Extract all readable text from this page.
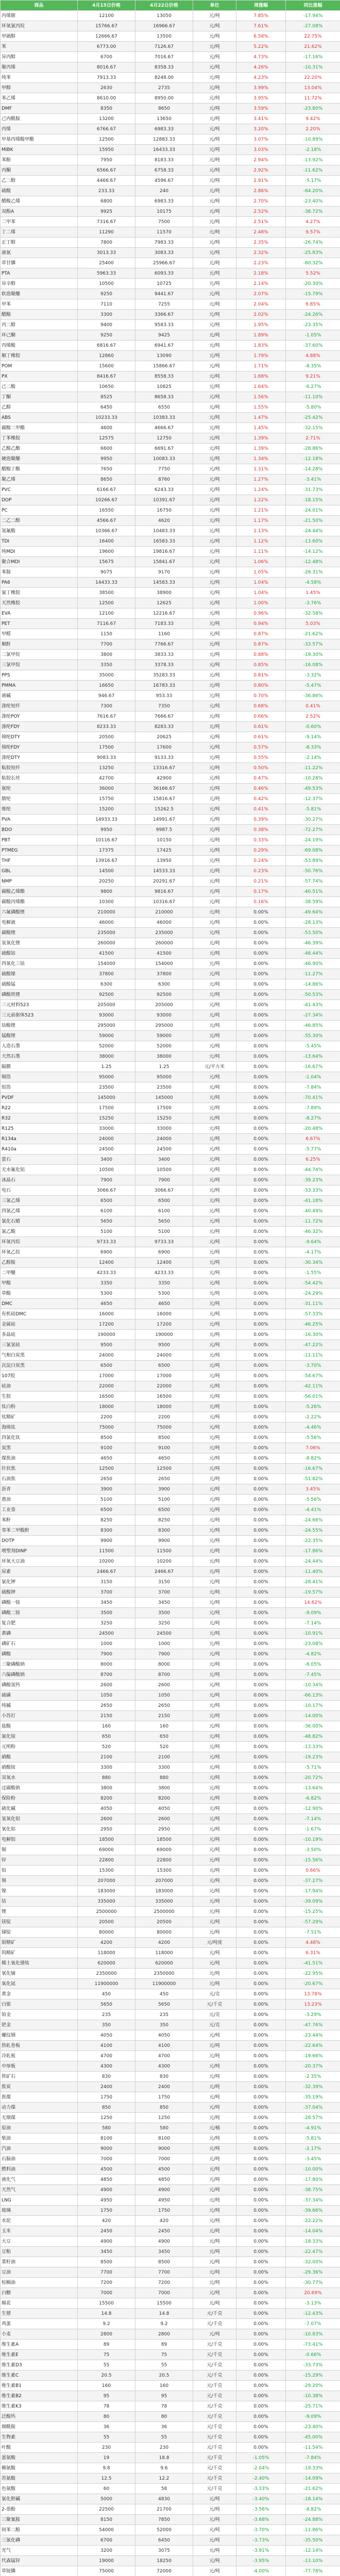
商品	4月15日价格	4月22日价格	单位	周涨幅	同比涨幅
丙烯腈	12100	13050	元/吨	7.85%	-17.94%
环氧氯丙烷	15766.67	16966.67	元/吨	7.61%	-27.08%
甲硫醇	12666.67	13500	元/吨	6.58%	22.75%
苯	6773.00	7126.67	元/吨	5.22%	21.62%
异丙醇	6700	7016.67	元/吨	4.73%	-17.16%
聚丙烯	8016.67	8358.33	元/吨	4.26%	-10.31%
纯苯	7913.33	8248.00	元/吨	4.23%	22.20%
甲醇	2630	2735	元/吨	3.99%	13.04%
苯乙烯	8610.00	8950.00	元/吨	3.95%	11.72%
DMF	8350	8650	元/吨	3.59%	-23.80%
己内酰胺	13200	13650	元/吨	3.41%	9.42%
丙烯	6766.67	6983.33	元/吨	3.20%	2.20%
甲基丙烯酸甲酯	12500	12883.33	元/吨	3.07%	-10.89%
MIBK	15950	16433.33	元/吨	3.03%	-2.18%
苯酚	7950	8183.33	元/吨	2.94%	-13.92%
丙酮	6566.67	6758.33	元/吨	2.92%	-11.62%
乙二醇	4466.67	4596.67	元/吨	2.91%	-5.17%
硫酸	233.33	240	元/吨	2.86%	-64.20%
醋酸乙烯	6800	6983.33	元/吨	2.70%	-23.40%
双酚A	9925	10175	元/吨	2.52%	-38.72%
二甲苯	7316.67	7500	元/吨	2.51%	4.27%
丁二烯	11290	11570	元/吨	2.48%	9.57%
正丁醇	7800	7983.33	元/吨	2.35%	-26.74%
液氨	3013.33	3083.33	元/吨	2.32%	-25.83%
草甘膦	25400	25966.67	元/吨	2.23%	-60.32%
PTA	5963.33	6093.33	元/吨	2.18%	5.52%
异辛醇	10500	10725	元/吨	2.14%	-20.30%
软泡聚醚	9250	9441.67	元/吨	2.07%	-15.79%
甲苯	7110	7255	元/吨	2.04%	6.85%
醋酸	3300	3366.67	元/吨	2.02%	-24.26%
丙二醇	9400	9583.33	元/吨	1.95%	-23.35%
环己酮	9250	9425	元/吨	1.89%	-1.05%
丙烯酸	6816.67	6941.67	元/吨	1.83%	-37.60%
顺丁橡胶	12860	13090	元/吨	1.79%	4.88%
POM	15600	15866.67	元/吨	1.71%	-8.35%
PX	8416.67	8558.33	元/吨	1.68%	9.21%
己二酸	10650	10825	元/吨	1.64%	-6.27%
丁酮	8525	8658.33	元/吨	1.56%	-11.10%
乙醇	6450	6550	元/吨	1.55%	-5.80%
ABS	10233.33	10383.33	元/吨	1.47%	-25.42%
碳酸二甲酯	4600	4666.67	元/吨	1.45%	-32.15%
丁苯橡胶	12575	12750	元/吨	1.39%	2.71%
乙酸乙酯	6600	6691.67	元/吨	1.39%	-28.86%
硬泡聚醚	9950	10083.33	元/吨	1.34%	-12.18%
醋酸丁酯	7650	7750	元/吨	1.31%	-14.28%
聚乙烯	8650	8760	元/吨	1.27%	-3.41%
PVC	6166.67	6243.33	元/吨	1.24%	-31.73%
DOP	10266.67	10391.67	元/吨	1.22%	-18.15%
PC	16550	16750	元/吨	1.21%	-24.01%
二乙二醇	4566.67	4620	元/吨	1.17%	-21.50%
氢氟酸	10366.67	10483.33	元/吨	1.13%	-24.44%
TDI	16400	16583.33	元/吨	1.12%	-13.60%
纯MDI	19600	19816.67	元/吨	1.11%	-14.12%
聚合MDI	15675	15841.67	元/吨	1.06%	-12.48%
苯胺	9075	9170	元/吨	1.05%	-28.31%
PA6	14433.33	14583.33	元/吨	1.04%	-4.58%
氯丁橡胶	38500	38900	元/吨	1.04%	1.45%
天然橡胶	12500	12625	元/吨	1.00%	-3.76%
EVA	12100	12216.67	元/吨	0.96%	-32.58%
PET	7116.67	7183.33	元/吨	0.94%	5.03%
甲醛	1150	1160	元/吨	0.87%	-21.62%
顺酐	7700	7766.67	元/吨	0.87%	-33.57%
二氯甲烷	3800	3833.33	元/吨	0.88%	-19.30%
三氯甲烷	3350	3378.33	元/吨	0.85%	-16.08%
PPS	35000	35283.33	元/吨	0.81%	-3.32%
PMMA	16650	16783.33	元/吨	0.80%	-5.47%
液碱	946.67	953.33	元/吨	0.70%	-36.86%
涤纶短纤	7300	7350	元/吨	0.68%	0.41%
涤纶POY	7616.67	7666.67	元/吨	0.66%	2.52%
涤纶FDY	8233.33	8283.33	元/吨	0.61%	-0.60%
锦纶DTY	20500	20625	元/吨	0.61%	-9.14%
锦纶FDY	17500	17600	元/吨	0.57%	-8.33%
涤纶DTY	9083.33	9133.33	元/吨	0.55%	-2.14%
粘胶短纤	13250	13316.67	元/吨	0.50%	-11.22%
粘胶长丝	42700	42900	元/吨	0.47%	-10.28%
氨纶	36000	36166.67	元/吨	0.46%	-49.53%
腈纶	15750	15816.67	元/吨	0.42%	-12.37%
维纶	15200	15262.5	元/吨	0.41%	-5.81%
PVA	14933.33	14991.67	元/吨	0.39%	-30.27%
BDO	9950	9987.5	元/吨	0.38%	-72.27%
PBT	10116.67	10150	元/吨	0.33%	-24.19%
PTMEG	17375	17425	元/吨	0.29%	-69.08%
THF	13916.67	13950	元/吨	0.24%	-53.89%
GBL	14500	14533.33	元/吨	0.23%	-50.76%
NMP	20250	20291.67	元/吨	0.21%	-57.74%
碳酸乙烯酯	9800	9816.67	元/吨	0.17%	-40.51%
碳酸丙烯酯	10300	10316.67	元/吨	0.16%	-38.59%
六氟磷酸锂	210000	210000	元/吨	0.00%	-49.64%
电解液	46000	46000	元/吨	0.00%	-28.13%
碳酸锂	235000	235000	元/吨	0.00%	-53.50%
氢氧化锂	260000	260000	元/吨	0.00%	-46.39%
硫酸钴	41500	41500	元/吨	0.00%	-48.44%
四氧化三钴	154000	154000	元/吨	0.00%	-46.90%
硫酸镍	37800	37800	元/吨	0.00%	-11.27%
硫酸锰	6300	6300	元/吨	0.00%	-14.86%
磷酸铁锂	92500	92500	元/吨	0.00%	-50.53%
三元材料523	205000	205000	元/吨	0.00%	-41.43%
三元前驱体523	93000	93000	元/吨	0.00%	-27.34%
钴酸锂	295000	295000	元/吨	0.00%	-46.85%
锰酸锂	59000	59000	元/吨	0.00%	-55.30%
人造石墨	52000	52000	元/吨	0.00%	-5.45%
天然石墨	38000	38000	元/吨	0.00%	-13.64%
隔膜	1.25	1.25	元/平方米	0.00%	-16.67%
铜箔	95000	95000	元/吨	0.00%	-1.04%
铝箔	23500	23500	元/吨	0.00%	-7.84%
PVDF	145000	145000	元/吨	0.00%	-70.41%
R22	17500	17500	元/吨	0.00%	-7.89%
R32	15250	15250	元/吨	0.00%	-8.27%
R125	33000	33000	元/吨	0.00%	-20.48%
R134a	24000	24000	元/吨	0.00%	6.67%
R410a	24500	24500	元/吨	0.00%	-5.77%
萤石	3400	3400	元/吨	0.00%	6.25%
无水氟化铝	10500	10500	元/吨	0.00%	-44.74%
冰晶石	7900	7900	元/吨	0.00%	-39.23%
电石	3066.67	3066.67	元/吨	0.00%	-33.33%
三氯乙烯	6500	6500	元/吨	0.00%	-41.18%
四氯乙烯	6100	6100	元/吨	0.00%	-40.49%
氯化石蜡	5650	5650	元/吨	0.00%	-11.72%
氯乙酸	5100	5100	元/吨	0.00%	-46.32%
环氧丙烷	9733.33	9733.33	元/吨	0.00%	-9.64%
环氧乙烷	6900	6900	元/吨	0.00%	-4.17%
乙醇胺	12400	12400	元/吨	0.00%	-30.34%
二甲醚	4233.33	4233.33	元/吨	0.00%	-1.55%
甲酸	3350	3350	元/吨	0.00%	-54.42%
草酸	5300	5300	元/吨	0.00%	-24.29%
DMC	4650	4650	元/吨	0.00%	-31.11%
有机硅DMC	16000	16000	元/吨	0.00%	-57.33%
金属硅	17200	17200	元/吨	0.00%	-46.25%
多晶硅	190000	190000	元/吨	0.00%	-16.30%
三氯氢硅	9500	9500	元/吨	0.00%	-47.22%
气相白炭黑	24000	24000	元/吨	0.00%	-11.11%
沉淀白炭黑	6500	6500	元/吨	0.00%	-3.70%
107胶	17000	17000	元/吨	0.00%	-54.67%
硅油	22000	22000	元/吨	0.00%	-42.11%
生胶	16500	16500	元/吨	0.00%	-56.01%
钛白粉	18000	18000	元/吨	0.00%	-5.26%
钛精矿	2200	2200	元/吨	0.00%	-2.22%
海绵钛	75000	75000	元/吨	0.00%	-4.46%
四氯化钛	8500	8500	元/吨	0.00%	-5.56%
炭黑	9100	9100	元/吨	0.00%	7.06%
煤焦油	4650	4650	元/吨	0.00%	-8.82%
针状焦	12500	12500	元/吨	0.00%	-16.67%
石油焦	2650	2650	元/吨	0.00%	-51.82%
沥青	3900	3900	元/吨	0.00%	3.45%
蒽油	5100	5100	元/吨	0.00%	-5.56%
工业萘	6500	6500	元/吨	0.00%	-4.41%
苯酐	8250	8250	元/吨	0.00%	-24.66%
邻苯二甲酸酐	8300	8300	元/吨	0.00%	-24.55%
DOTP	9900	9900	元/吨	0.00%	-22.35%
增塑剂DINP	11500	11500	元/吨	0.00%	-17.86%
环氧大豆油	10200	10200	元/吨	0.00%	-24.44%
尿素	2466.67	2466.67	元/吨	0.00%	-11.40%
氯化钾	3150	3150	元/吨	0.00%	-28.41%
硫酸钾	3700	3700	元/吨	0.00%	-19.57%
磷酸一铵	3450	3450	元/吨	0.00%	14.62%
磷酸二铵	3500	3500	元/吨	0.00%	-9.09%
复合肥	3250	3250	元/吨	0.00%	-7.14%
黄磷	24500	24500	元/吨	0.00%	-10.91%
磷矿石	1000	1000	元/吨	0.00%	-23.08%
磷酸	7900	7900	元/吨	0.00%	-4.82%
三聚磷酸钠	8000	8000	元/吨	0.00%	-8.05%
六偏磷酸钠	8700	8700	元/吨	0.00%	-7.45%
磷酸氢钙	2600	2600	元/吨	0.00%	-10.34%
硫磺	1050	1050	元/吨	0.00%	-66.13%
纯碱	2650	2650	元/吨	0.00%	-10.17%
小苏打	2150	2150	元/吨	0.00%	-14.00%
盐酸	160	160	元/吨	0.00%	-36.00%
氯化铵	650	650	元/吨	0.00%	-48.82%
元明粉	520	520	元/吨	0.00%	-13.33%
硝酸	2100	2100	元/吨	0.00%	-19.23%
硝酸铵	3300	3300	元/吨	0.00%	-5.71%
双氧水	880	880	元/吨	0.00%	-20.72%
过碳酸钠	3800	3800	元/吨	0.00%	-13.64%
保险粉	8200	8200	元/吨	0.00%	-6.82%
硫化碱	4050	4050	元/吨	0.00%	-12.90%
氢氧化铝	2600	2600	元/吨	0.00%	-7.14%
氧化铝	2950	2950	元/吨	0.00%	-1.67%
电解铝	18500	18500	元/吨	0.00%	-10.19%
铜	69000	69000	元/吨	0.00%	-3.50%
锌	22800	22800	元/吨	0.00%	-15.56%
铅	15300	15300	元/吨	0.00%	0.66%
锡	207000	207000	元/吨	0.00%	-37.27%
镍	183000	183000	元/吨	0.00%	-17.94%
钴	335000	335000	元/吨	0.00%	-39.09%
锂	2500000	2500000	元/吨	0.00%	-15.25%
镁锭	20500	20500	元/吨	0.00%	-57.29%
锑锭	80000	80000	元/吨	0.00%	-7.51%
钼精矿	4200	4200	元/吨度	0.00%	4.48%
钨精矿	118000	118000	元/吨	0.00%	6.31%
稀土氧化镨钕	620000	620000	元/吨	0.00%	-41.51%
氧化镝	2350000	2350000	元/吨	0.00%	-22.95%
氧化铽	11900000	11900000	元/吨	0.00%	-20.67%
黄金	450	450	元/克	0.00%	13.78%
白银	5650	5650	元/千克	0.00%	13.23%
铂金	235	235	元/克	0.00%	-3.29%
钯金	350	350	元/克	0.00%	-47.76%
螺纹钢	4050	4050	元/吨	0.00%	-23.44%
热轧卷板	4100	4100	元/吨	0.00%	-22.64%
冷轧板	4700	4700	元/吨	0.00%	-19.66%
中厚板	4300	4300	元/吨	0.00%	-20.37%
铁矿石	830	830	元/吨	0.00%	-2.35%
焦炭	2400	2400	元/吨	0.00%	-32.39%
焦煤	1750	1750	元/吨	0.00%	-35.19%
动力煤	850	850	元/吨	0.00%	-37.04%
无烟煤	1250	1250	元/吨	0.00%	-28.57%
原油	580	580	元/桶	0.00%	-4.91%
柴油	8100	8100	元/吨	0.00%	-5.81%
汽油	9000	9000	元/吨	0.00%	-2.17%
石脑油	7000	7000	元/吨	0.00%	-3.45%
燃料油	4500	4500	元/吨	0.00%	-10.00%
液化气	4850	4850	元/吨	0.00%	-17.80%
天然气	4900	4900	元/吨	0.00%	-38.75%
LNG	4950	4950	元/吨	0.00%	-37.34%
玻璃	1750	1750	元/吨	0.00%	-39.66%
水泥	420	420	元/吨	0.00%	-22.22%
玉米	2450	2450	元/吨	0.00%	-14.04%
大豆	4900	4900	元/吨	0.00%	-18.33%
豆粕	3450	3450	元/吨	0.00%	-22.47%
菜籽油	8500	8500	元/吨	0.00%	-32.00%
豆油	7700	7700	元/吨	0.00%	-29.36%
棕榈油	7200	7200	元/吨	0.00%	-30.77%
白糖	7000	7000	元/吨	0.00%	20.69%
棉花	15500	15500	元/吨	0.00%	-3.13%
生猪	14.8	14.8	元/千克	0.00%	-12.43%
鸡蛋	9.2	9.2	元/千克	0.00%	-7.07%
小麦	2800	2800	元/吨	0.00%	-10.83%
维生素A	89	89	元/千克	0.00%	-73.41%
维生素E	75	75	元/千克	0.00%	-0.66%
维生素D3	55	55	元/千克	0.00%	-33.73%
维生素C	20.5	20.5	元/千克	0.00%	-15.29%
维生素B1	160	160	元/千克	0.00%	-29.20%
维生素B2	95	95	元/千克	0.00%	-10.38%
维生素K3	78	78	元/千克	0.00%	-25.71%
泛酸钙	80	80	元/千克	0.00%	-9.09%
烟酰胺	36	36	元/千克	0.00%	-23.40%
生物素	55	55	元/千克	0.00%	-45.00%
叶酸	230	230	元/千克	0.00%	-11.54%
蛋氨酸	19	18.8	元/千克	-1.05%	-7.84%
赖氨酸	9.8	9.6	元/千克	-2.04%	-19.33%
苏氨酸	12.5	12.2	元/千克	-2.40%	-14.09%
色氨酸	60	58	元/千克	-3.33%	-21.62%
氯化胆碱	5000	4830	元/吨	-3.40%	-18.14%
2-萘酚	22500	21700	元/吨	-3.56%	-8.82%
三聚氰胺	8150	7850	元/吨	-3.68%	-24.88%
间苯二酚	54000	52000	元/吨	-3.70%	-11.86%
三氯化磷	6700	6450	元/吨	-3.73%	-35.50%
光气	3200	3075	元/吨	-3.91%	-12.14%
代森锰锌	19000	18250	元/吨	-3.95%	-13.10%
草铵膦	75000	72000	元/吨	-4.00%	-77.78%
